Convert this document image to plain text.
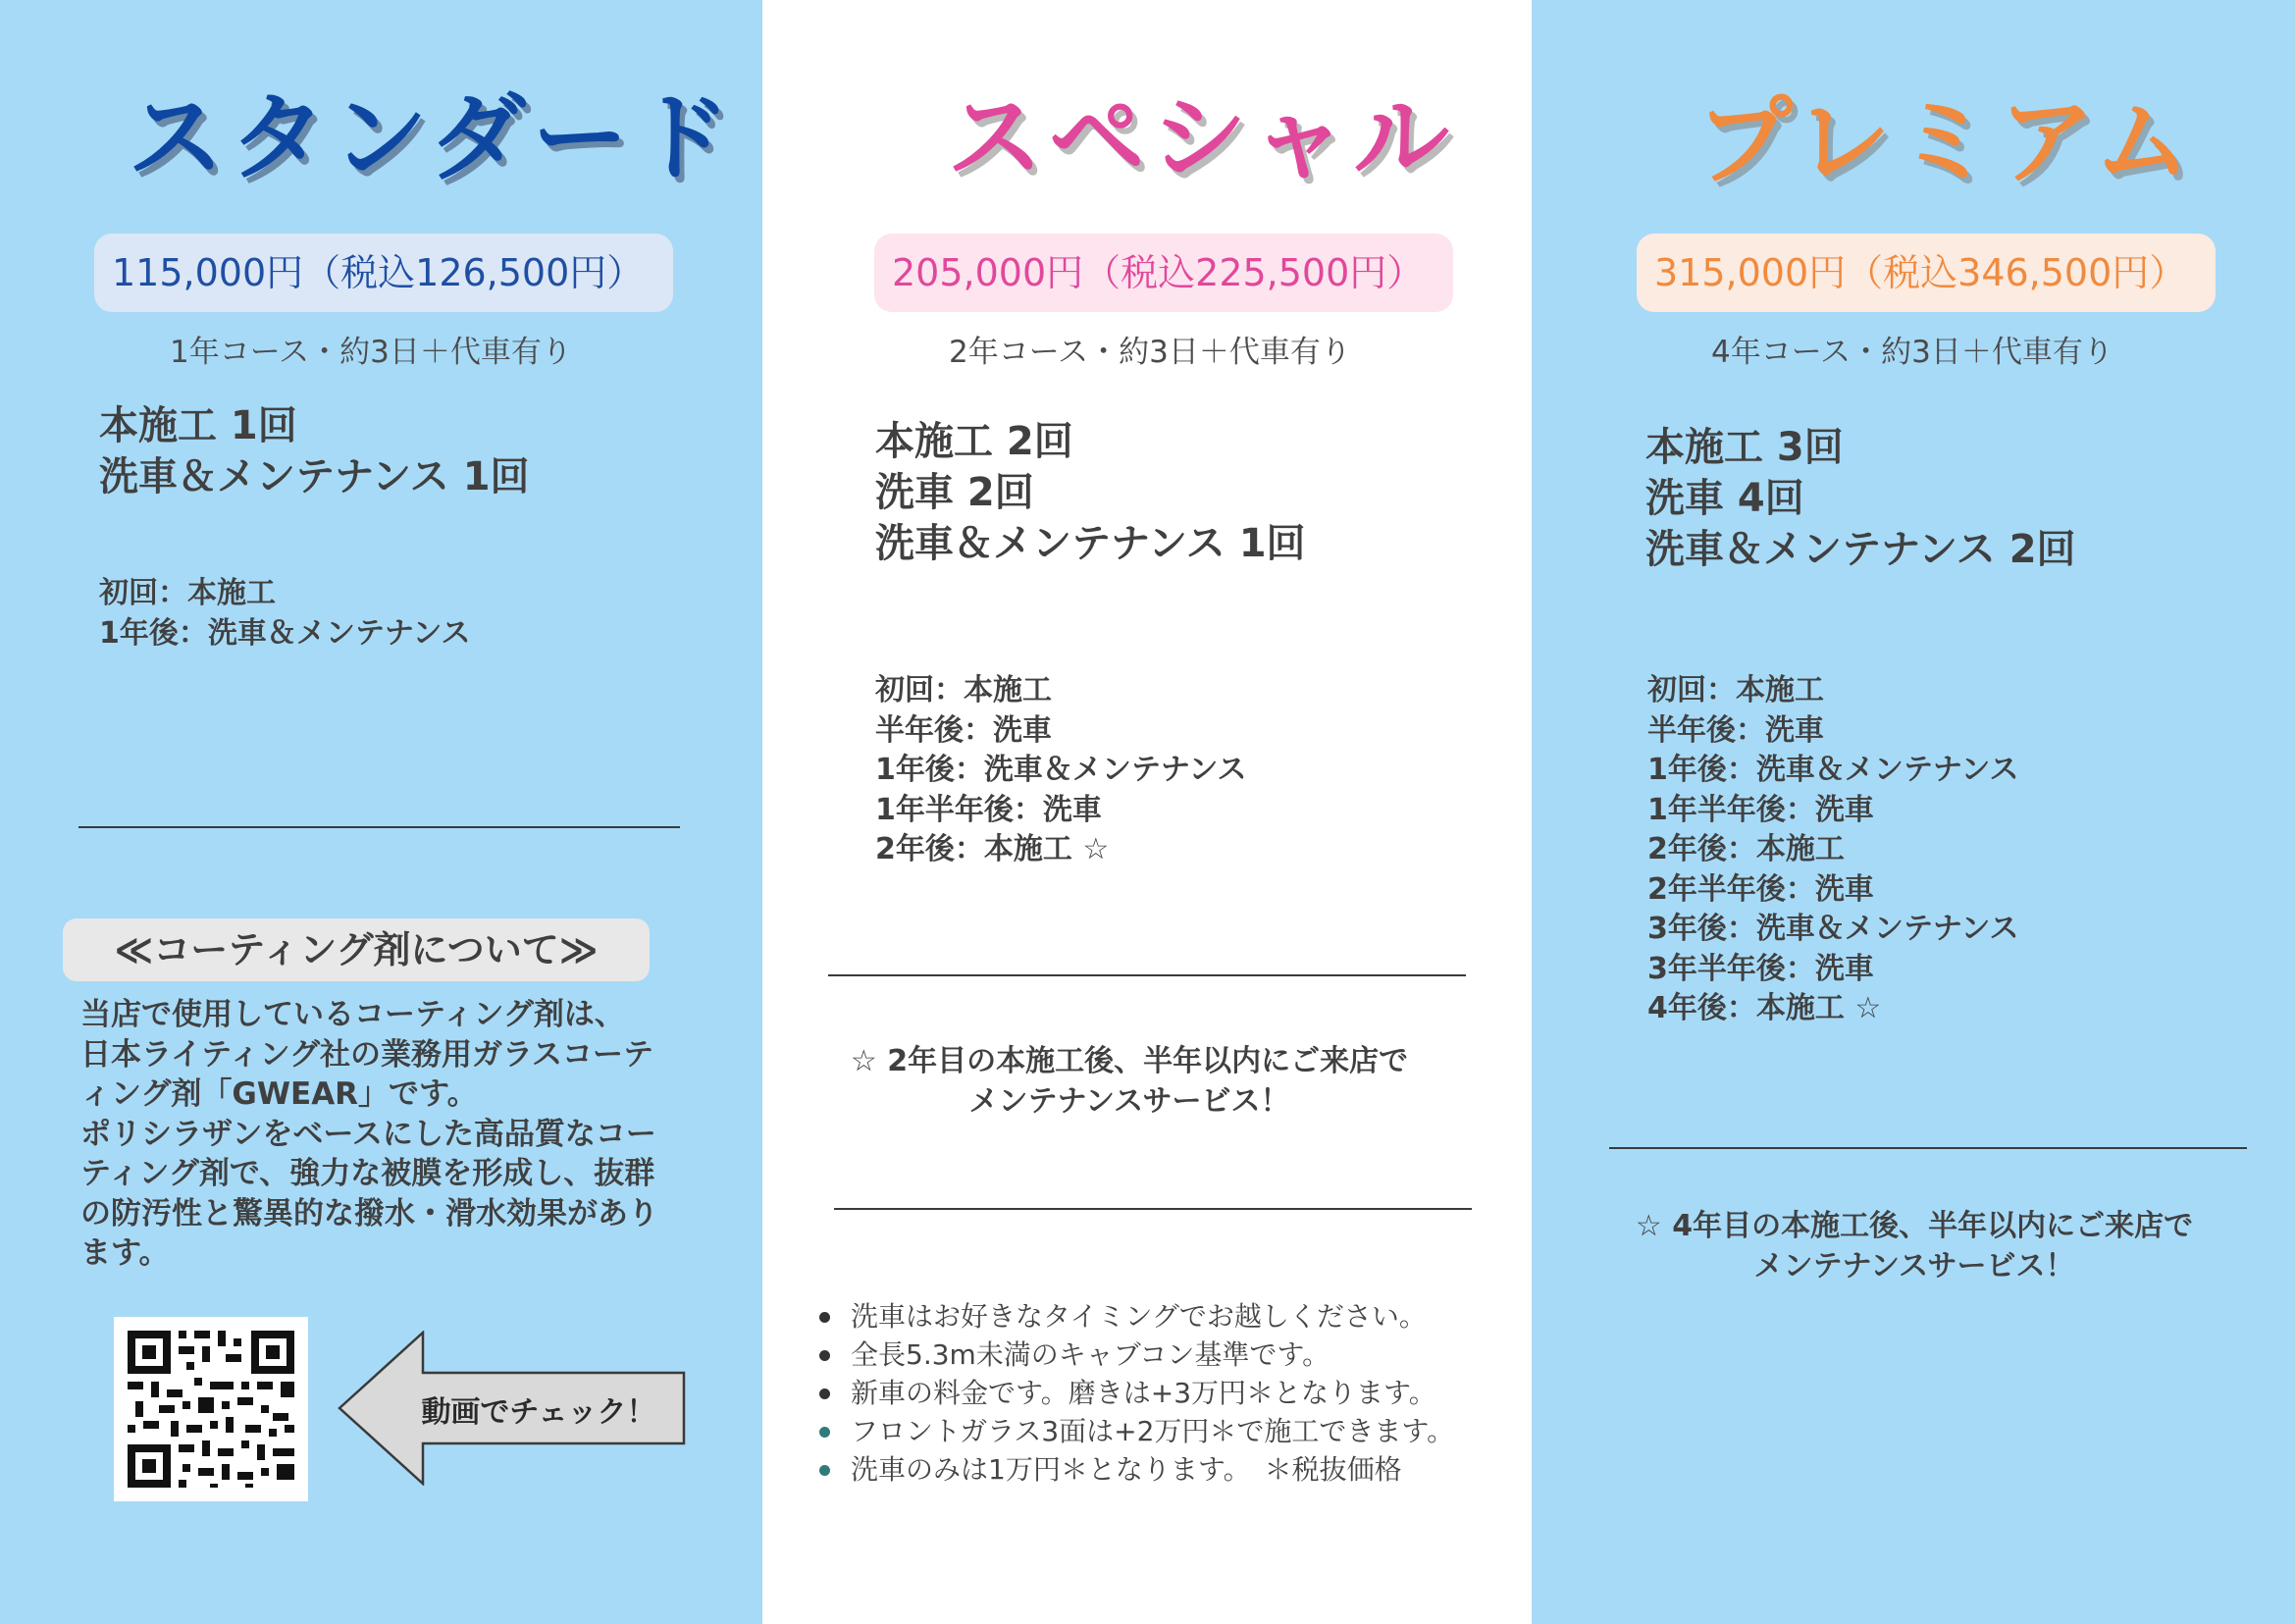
スタンダード
115,000円（税込126,500円）
1年コース・約3日＋代車有り
本施工 1回
洗車＆メンテナンス 1回
初回：本施工
1年後：洗車＆メンテナンス
≪コーティング剤について≫
当店で使用しているコーティング剤は、
日本ライティング社の業務用ガラスコーテ
ィング剤「GWEAR」です。
ポリシラザンをベースにした高品質なコー
ティング剤で、強力な被膜を形成し、抜群
の防汚性と驚異的な撥水・滑水効果があり
ます。
動画でチェック！
スペシャル
205,000円（税込225,500円）
2年コース・約3日＋代車有り
本施工 2回
洗車 2回
洗車＆メンテナンス 1回
初回：本施工
半年後：洗車
1年後：洗車＆メンテナンス
1年半年後：洗車
2年後：本施工 ☆
☆ 2年目の本施工後、半年以内にご来店で
メンテナンスサービス！
洗車はお好きなタイミングでお越しください。
全長5.3m未満のキャブコン基準です。
新車の料金です。磨きは+3万円＊となります。
フロントガラス3面は+2万円＊で施工できます。
洗車のみは1万円＊となります。　＊税抜価格
プレミアム
315,000円（税込346,500円）
4年コース・約3日＋代車有り
本施工 3回
洗車 4回
洗車＆メンテナンス 2回
初回：本施工
半年後：洗車
1年後：洗車＆メンテナンス
1年半年後：洗車
2年後：本施工
2年半年後：洗車
3年後：洗車＆メンテナンス
3年半年後：洗車
4年後：本施工 ☆
☆ 4年目の本施工後、半年以内にご来店で
メンテナンスサービス！
